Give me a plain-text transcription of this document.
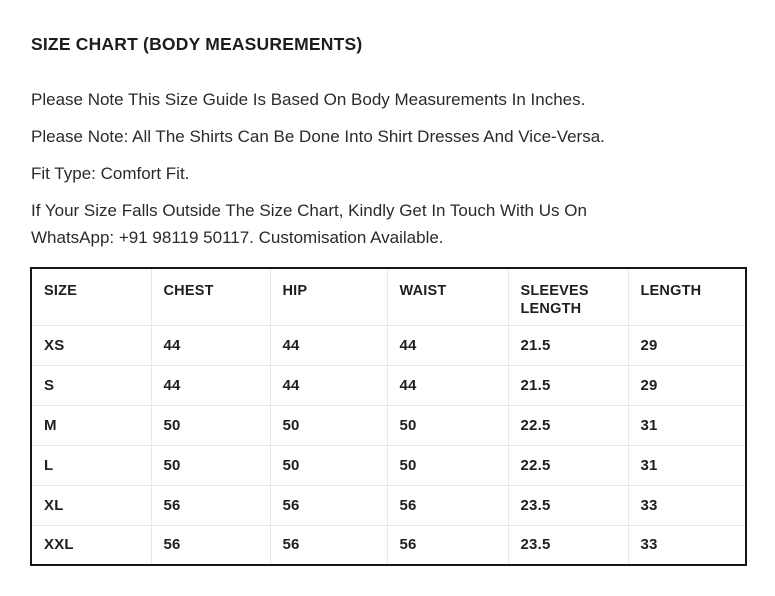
SIZE CHART (BODY MEASUREMENTS)

Please Note This Size Guide Is Based On Body Measurements In Inches.

Please Note: All The Shirts Can Be Done Into Shirt Dresses And Vice-Versa.

Fit Type: Comfort Fit.

If Your Size Falls Outside The Size Chart, Kindly Get In Touch With Us On WhatsApp: +91 98119 50117. Customisation Available.

SIZE	CHEST	HIP	WAIST	SLEEVES LENGTH	LENGTH
XS	44	44	44	21.5	29
S	44	44	44	21.5	29
M	50	50	50	22.5	31
L	50	50	50	22.5	31
XL	56	56	56	23.5	33
XXL	56	56	56	23.5	33
